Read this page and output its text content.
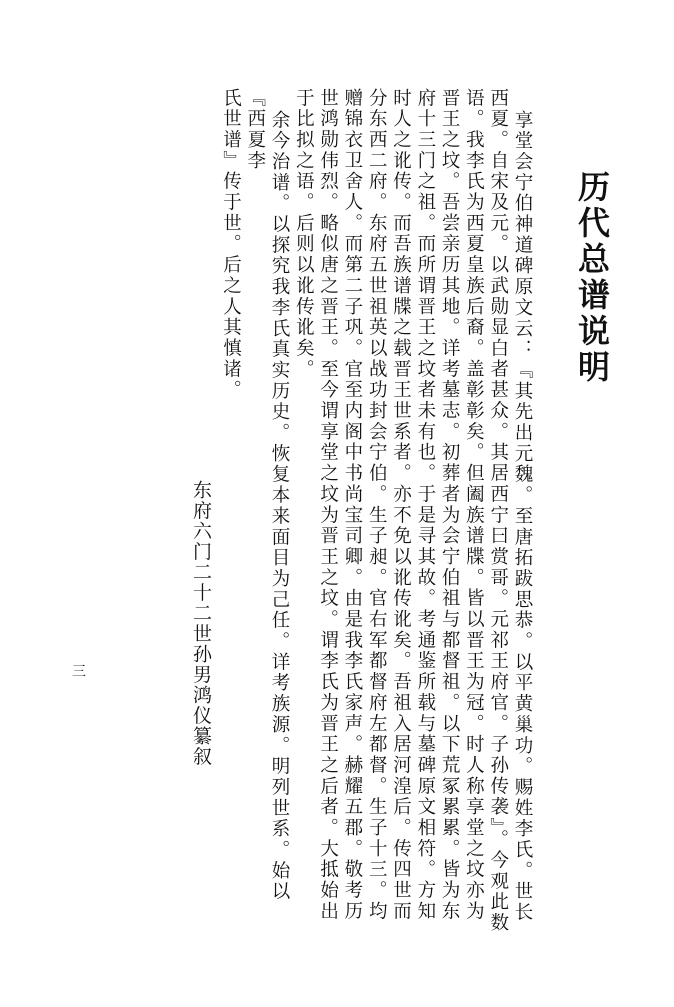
历代总谱说明

享堂会宁伯神道碑原文云：『其先出元魏。至唐拓跋思恭。以平黄巢功。赐姓李氏。世长西夏。自宋及元。以武勋显白者甚众。其居西宁曰赏哥。元祁王府官。子孙传袭』。今观此数语。我李氏为西夏皇族后裔。盖彰彰矣。但阖族谱牒。皆以晋王为冠。时人称享堂之坟亦为晋王之坟。吾尝亲历其地。详考墓志。初葬者为会宁伯祖与都督祖。以下荒冢累累。皆为东府十三门之祖。而所谓晋王之坟者未有也。于是寻其故。考通鉴所载与墓碑原文相符。方知时人之讹传。而吾族谱牒之载晋王世系者。亦不免以讹传讹矣。吾祖入居河湟后。传四世而分东西二府。东府五世祖英以战功封会宁伯。生子昶。官右军都督府左都督。生子十三。均赠锦衣卫舍人。而第二子巩。官至内阁中书尚宝司卿。由是我李氏家声。赫耀五郡。敬考历世鸿勋伟烈。略似唐之晋王。至今谓享堂之坟为晋王之坟。谓李氏为晋王之后者。大抵始出于比拟之语。后则以讹传讹矣。

余今治谱。以探究我李氏真实历史。恢复本来面目为己任。详考族源。明列世系。始以『西夏李

氏世谱』传于世。后之人其慎诸。

东府六门二十二世孙男鸿仪纂叙
三
